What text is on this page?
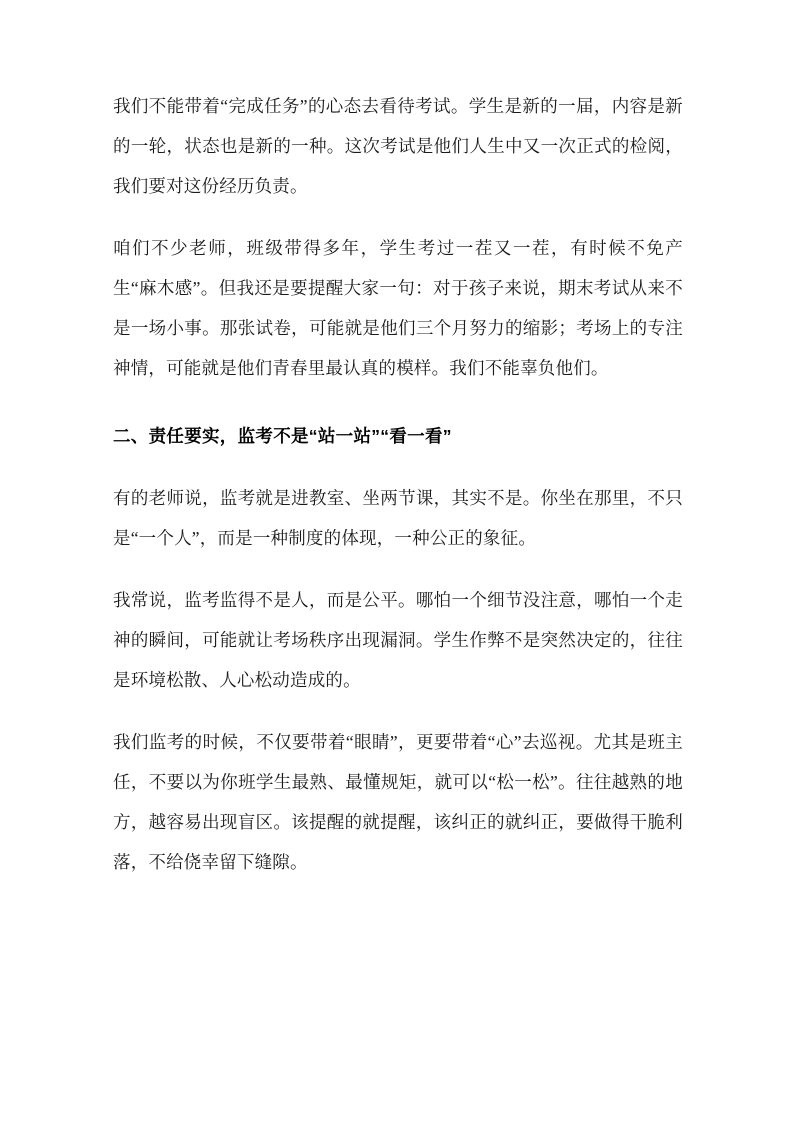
我们不能带着“完成任务”的心态去看待考试。学生是新的一届，内容是新的一轮，状态也是新的一种。这次考试是他们人生中又一次正式的检阅，我们要对这份经历负责。

咱们不少老师，班级带得多年，学生考过一茬又一茬，有时候不免产生“麻木感”。但我还是要提醒大家一句：对于孩子来说，期末考试从来不是一场小事。那张试卷，可能就是他们三个月努力的缩影；考场上的专注神情，可能就是他们青春里最认真的模样。我们不能辜负他们。

二、责任要实，监考不是“站一站”“看一看”

有的老师说，监考就是进教室、坐两节课，其实不是。你坐在那里，不只是“一个人”，而是一种制度的体现，一种公正的象征。

我常说，监考监得不是人，而是公平。哪怕一个细节没注意，哪怕一个走神的瞬间，可能就让考场秩序出现漏洞。学生作弊不是突然决定的，往往是环境松散、人心松动造成的。

我们监考的时候，不仅要带着“眼睛”，更要带着“心”去巡视。尤其是班主任，不要以为你班学生最熟、最懂规矩，就可以“松一松”。往往越熟的地方，越容易出现盲区。该提醒的就提醒，该纠正的就纠正，要做得干脆利落，不给侥幸留下缝隙。
